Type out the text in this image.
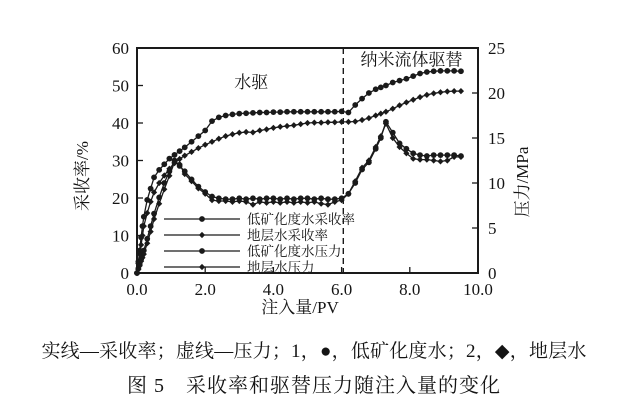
0.0	2.0	4.0	6.0	8.0	10.0
0
10
20
30
40
50
60
0
5
10
15
20
25
低矿化度水采收率
地层水采收率
低矿化度水压力
地层水压力
水驱
纳米流体驱替
采收率/%	压力/MPa
注入量/PV
实线—采收率；虚线—压力；1，●，低矿化度水；2，◆，地层水
图 5　采收率和驱替压力随注入量的变化
